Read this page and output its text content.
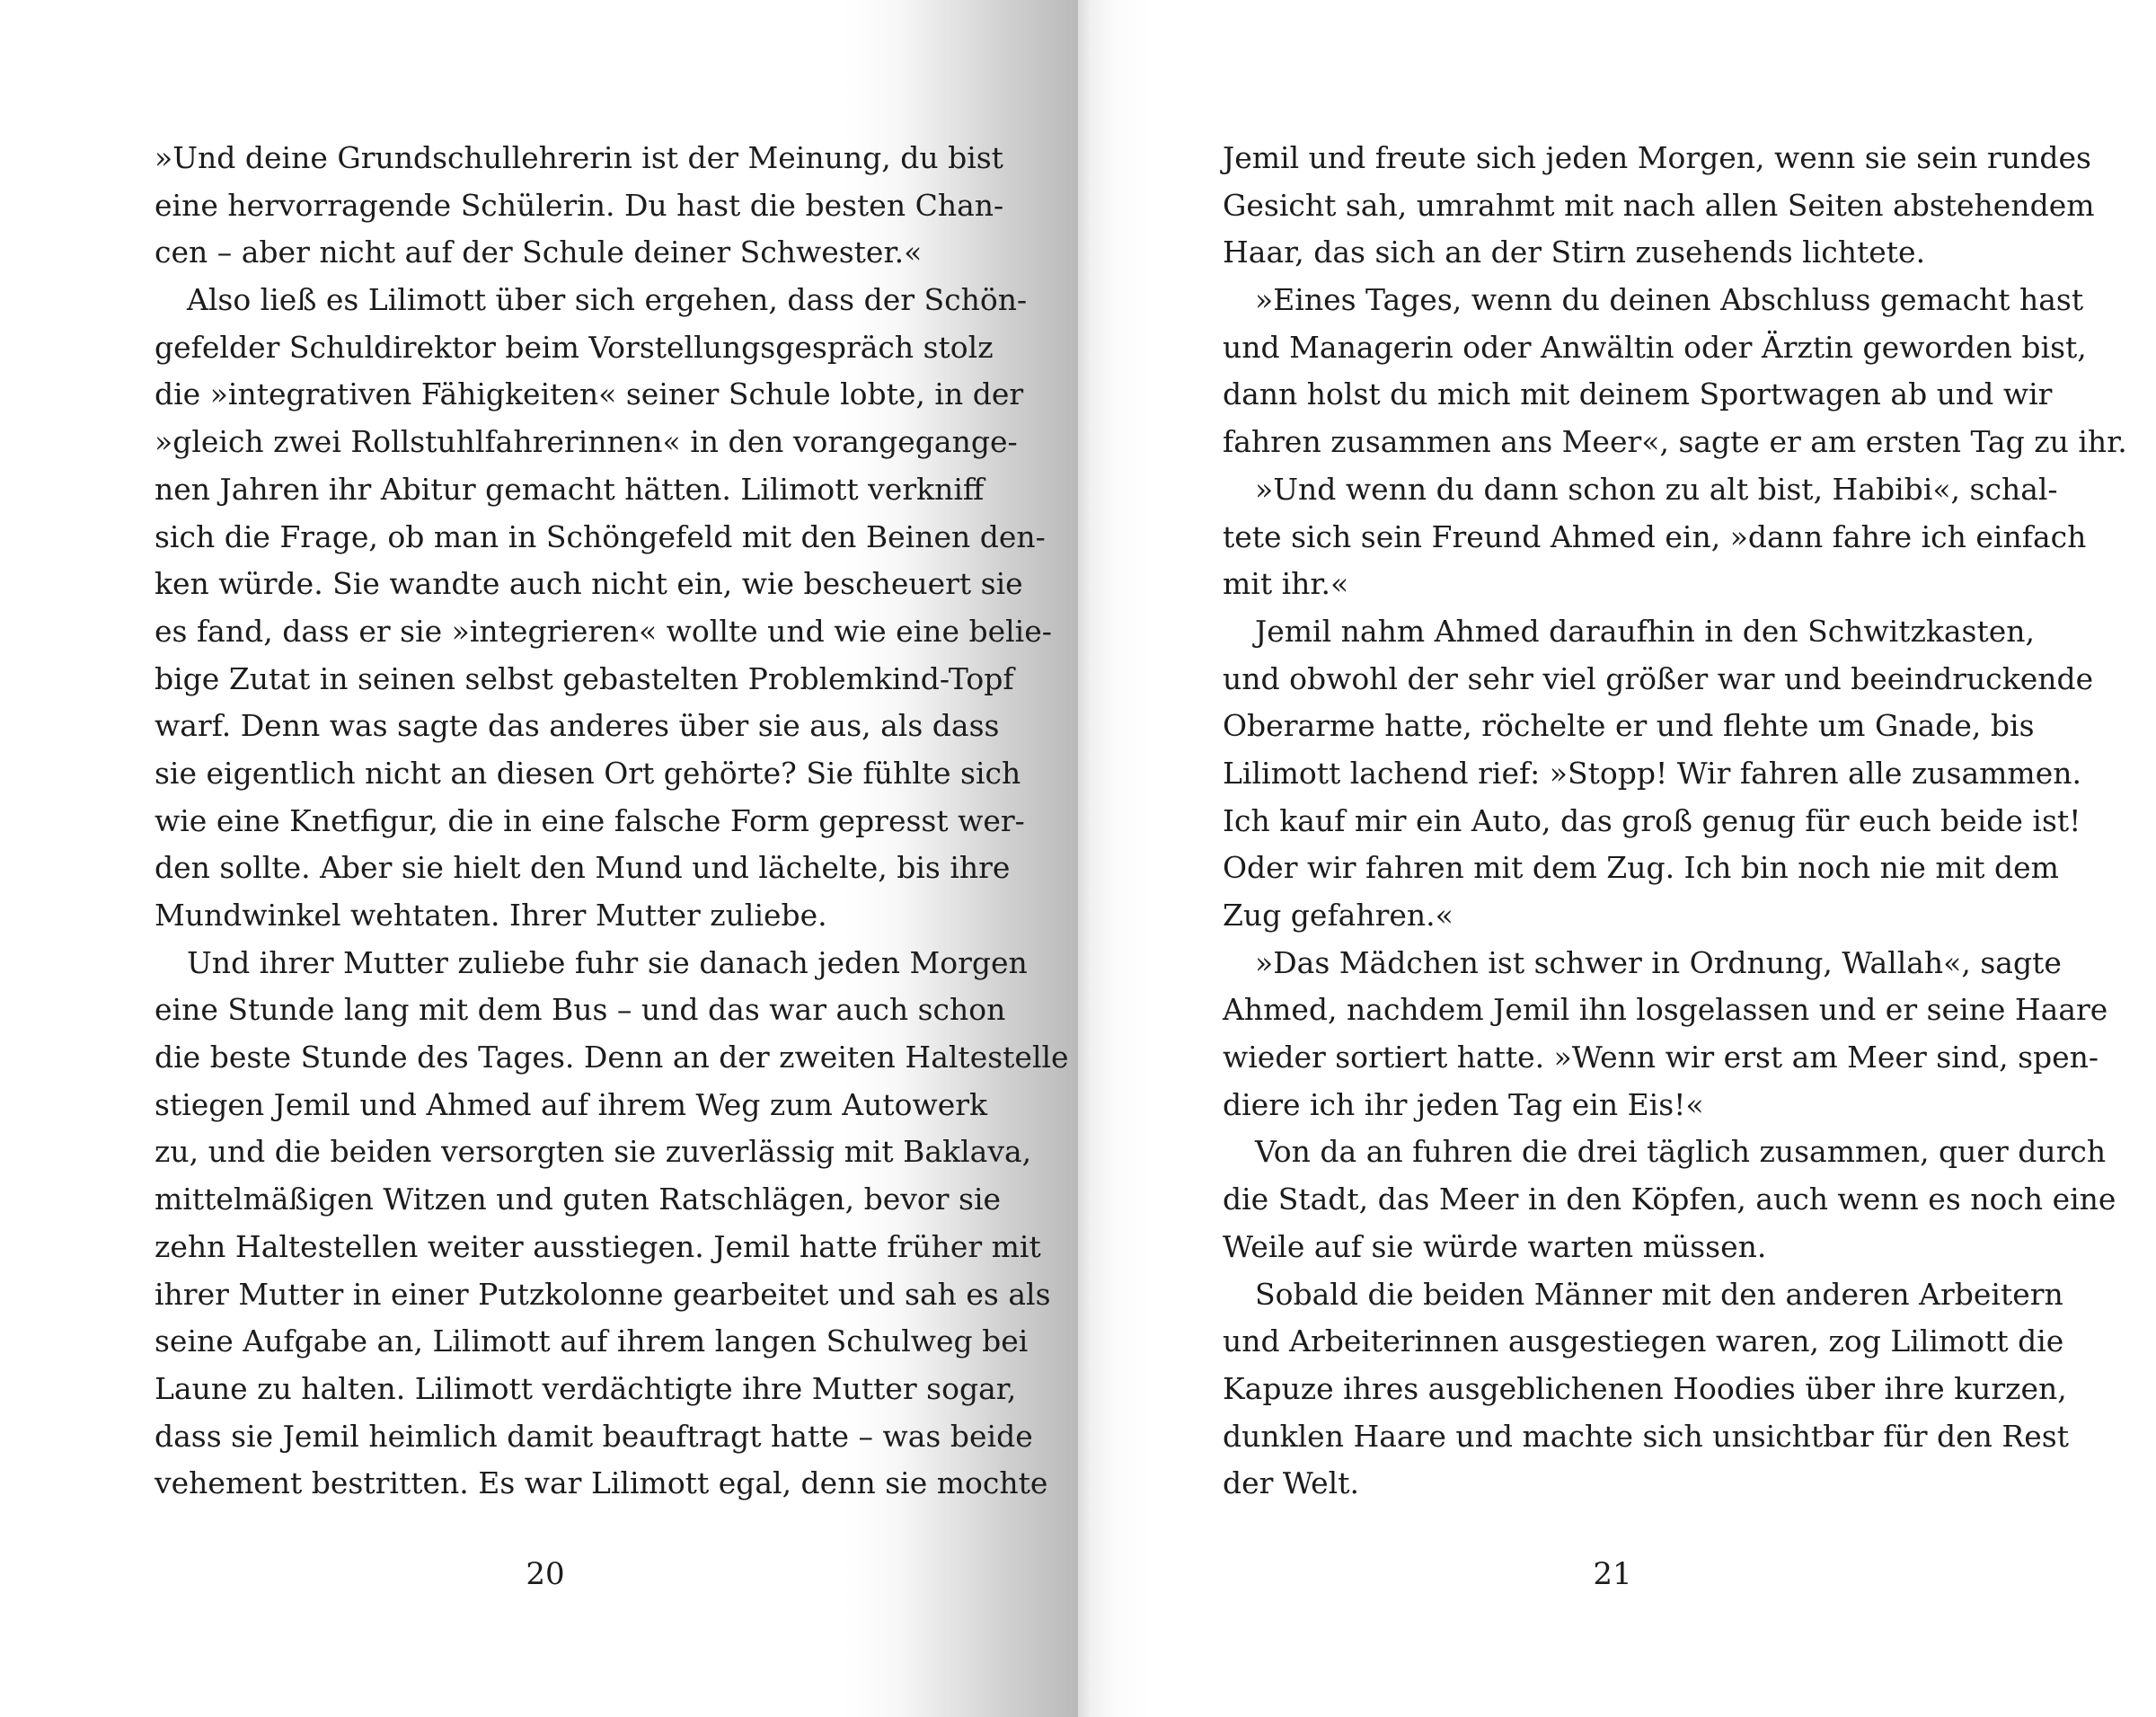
»Und deine Grundschullehrerin ist der Meinung, du bist
eine hervorragende Schülerin. Du hast die besten Chan-
cen – aber nicht auf der Schule deiner Schwester.«
Also ließ es Lilimott über sich ergehen, dass der Schön-
gefelder Schuldirektor beim Vorstellungsgespräch stolz
die »integrativen Fähigkeiten« seiner Schule lobte, in der
»gleich zwei Rollstuhlfahrerinnen« in den vorangegange-
nen Jahren ihr Abitur gemacht hätten. Lilimott verkniff
sich die Frage, ob man in Schöngefeld mit den Beinen den-
ken würde. Sie wandte auch nicht ein, wie bescheuert sie
es fand, dass er sie »integrieren« wollte und wie eine belie-
bige Zutat in seinen selbst gebastelten Problemkind-Topf
warf. Denn was sagte das anderes über sie aus, als dass
sie eigentlich nicht an diesen Ort gehörte? Sie fühlte sich
wie eine Knetfigur, die in eine falsche Form gepresst wer-
den sollte. Aber sie hielt den Mund und lächelte, bis ihre
Mundwinkel wehtaten. Ihrer Mutter zuliebe.
Und ihrer Mutter zuliebe fuhr sie danach jeden Morgen
eine Stunde lang mit dem Bus – und das war auch schon
die beste Stunde des Tages. Denn an der zweiten Haltestelle
stiegen Jemil und Ahmed auf ihrem Weg zum Autowerk
zu, und die beiden versorgten sie zuverlässig mit Baklava,
mittelmäßigen Witzen und guten Ratschlägen, bevor sie
zehn Haltestellen weiter ausstiegen. Jemil hatte früher mit
ihrer Mutter in einer Putzkolonne gearbeitet und sah es als
seine Aufgabe an, Lilimott auf ihrem langen Schulweg bei
Laune zu halten. Lilimott verdächtigte ihre Mutter sogar,
dass sie Jemil heimlich damit beauftragt hatte – was beide
vehement bestritten. Es war Lilimott egal, denn sie mochte
20
Jemil und freute sich jeden Morgen, wenn sie sein rundes
Gesicht sah, umrahmt mit nach allen Seiten abstehendem
Haar, das sich an der Stirn zusehends lichtete.
»Eines Tages, wenn du deinen Abschluss gemacht hast
und Managerin oder Anwältin oder Ärztin geworden bist,
dann holst du mich mit deinem Sportwagen ab und wir
fahren zusammen ans Meer«, sagte er am ersten Tag zu ihr.
»Und wenn du dann schon zu alt bist, Habibi«, schal-
tete sich sein Freund Ahmed ein, »dann fahre ich einfach
mit ihr.«
Jemil nahm Ahmed daraufhin in den Schwitzkasten,
und obwohl der sehr viel größer war und beeindruckende
Oberarme hatte, röchelte er und flehte um Gnade, bis
Lilimott lachend rief: »Stopp! Wir fahren alle zusammen.
Ich kauf mir ein Auto, das groß genug für euch beide ist!
Oder wir fahren mit dem Zug. Ich bin noch nie mit dem
Zug gefahren.«
»Das Mädchen ist schwer in Ordnung, Wallah«, sagte
Ahmed, nachdem Jemil ihn losgelassen und er seine Haare
wieder sortiert hatte. »Wenn wir erst am Meer sind, spen-
diere ich ihr jeden Tag ein Eis!«
Von da an fuhren die drei täglich zusammen, quer durch
die Stadt, das Meer in den Köpfen, auch wenn es noch eine
Weile auf sie würde warten müssen.
Sobald die beiden Männer mit den anderen Arbeitern
und Arbeiterinnen ausgestiegen waren, zog Lilimott die
Kapuze ihres ausgeblichenen Hoodies über ihre kurzen,
dunklen Haare und machte sich unsichtbar für den Rest
der Welt.
21
